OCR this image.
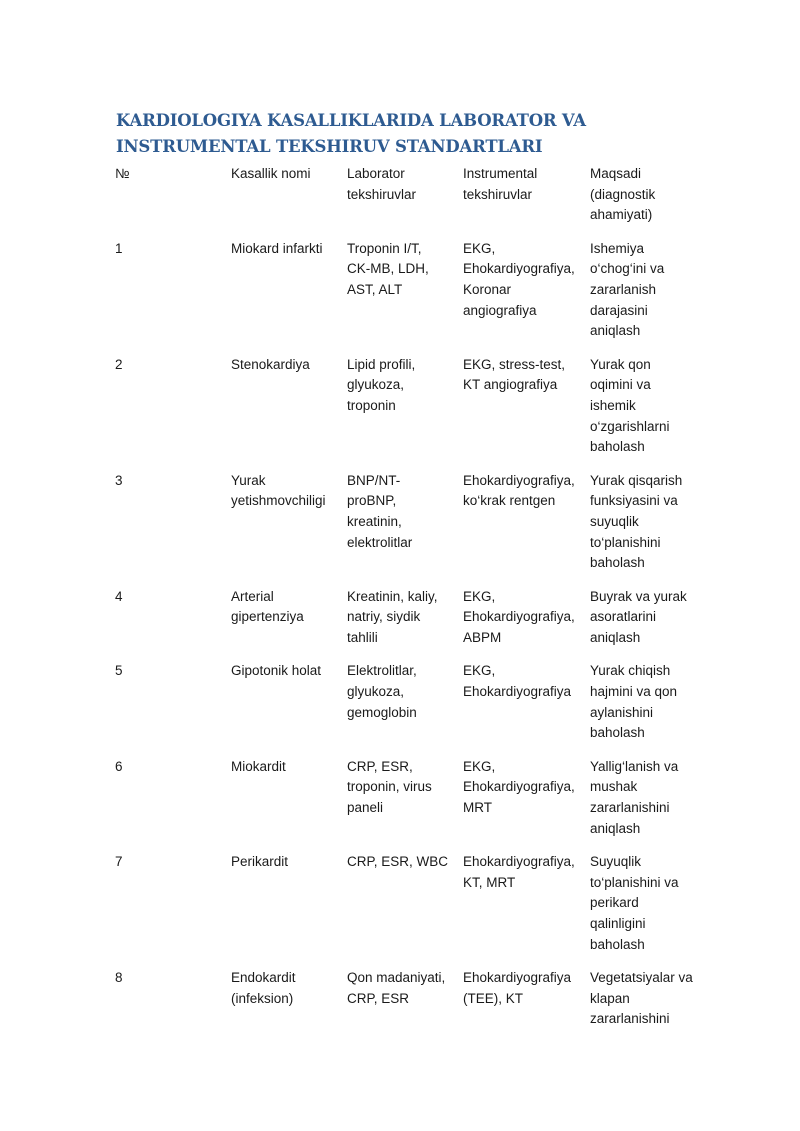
KARDIOLOGIYA KASALLIKLARIDA LABORATOR VA INSTRUMENTAL TEKSHIRUV STANDARTLARI
№	Kasallik nomi	Laborator
tekshiruvlar	Instrumental
tekshiruvlar	Maqsadi
(diagnostik
ahamiyati)

1	Miokard infarkti	Troponin I/T,
CK-MB, LDH,
AST, ALT	EKG,
Ehokardiyografiya,
Koronar
angiografiya	Ishemiya
o‘chog‘ini va
zararlanish
darajasini
aniqlash

2	Stenokardiya	Lipid profili,
glyukoza,
troponin	EKG, stress-test,
KT angiografiya	Yurak qon
oqimini va
ishemik
o‘zgarishlarni
baholash

3	Yurak
yetishmovchiligi	BNP/NT-
proBNP,
kreatinin,
elektrolitlar	Ehokardiyografiya,
ko‘krak rentgen	Yurak qisqarish
funksiyasini va
suyuqlik
to‘planishini
baholash

4	Arterial
gipertenziya	Kreatinin, kaliy,
natriy, siydik
tahlili	EKG,
Ehokardiyografiya,
ABPM	Buyrak va yurak
asoratlarini
aniqlash

5	Gipotonik holat	Elektrolitlar,
glyukoza,
gemoglobin	EKG,
Ehokardiyografiya	Yurak chiqish
hajmini va qon
aylanishini
baholash

6	Miokardit	CRP, ESR,
troponin, virus
paneli	EKG,
Ehokardiyografiya,
MRT	Yallig‘lanish va
mushak
zararlanishini
aniqlash

7	Perikardit	CRP, ESR, WBC	Ehokardiyografiya,
KT, MRT	Suyuqlik
to‘planishini va
perikard
qalinligini
baholash

8	Endokardit
(infeksion)	Qon madaniyati,
CRP, ESR	Ehokardiyografiya
(TEE), KT	Vegetatsiyalar va
klapan
zararlanishini
